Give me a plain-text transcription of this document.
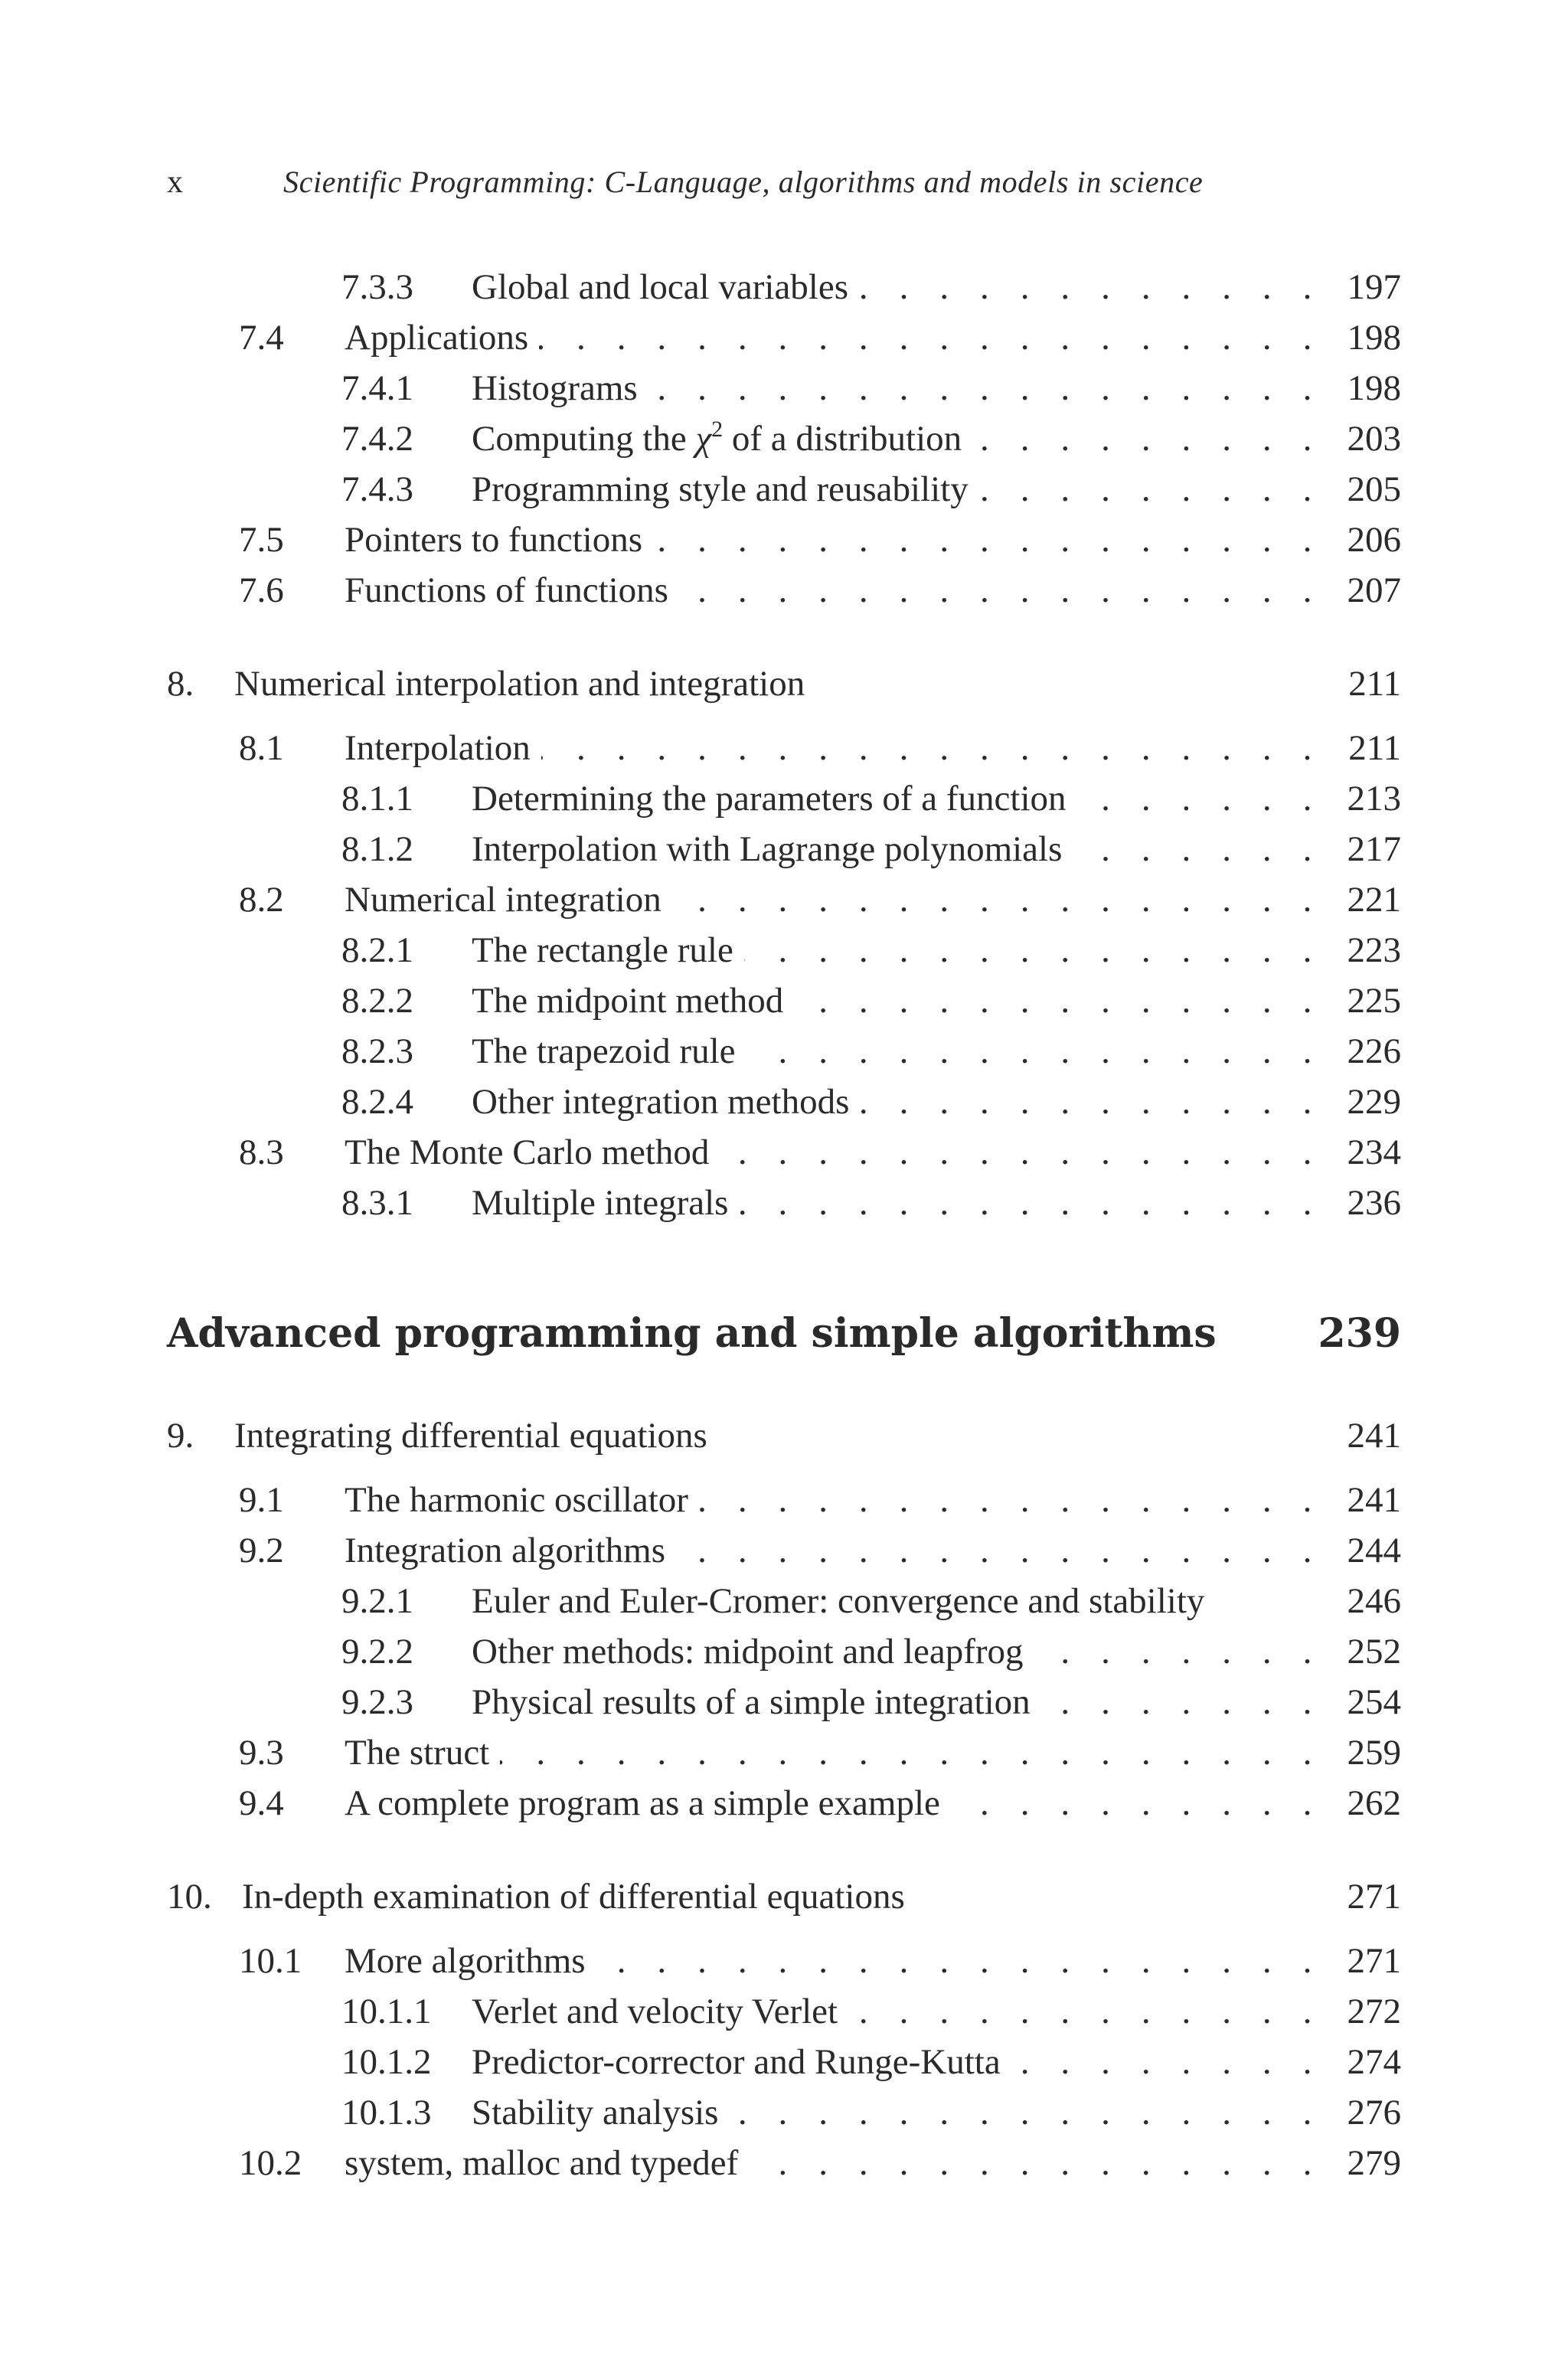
x	Scientific Programming: C-Language, algorithms and models in science
7.3.3 Global and local variables . . .	197
7.4 Applications . . .	198
7.4.1 Histograms . . .	198
7.4.2 Computing the $\chi^2$ of a distribution . . .	203
7.4.3 Programming style and reusability . . .	205
7.5 Pointers to functions . . .	206
7.6 Functions of functions . . .	207
8. Numerical interpolation and integration	211
8.1 Interpolation . . .	211
8.1.1 Determining the parameters of a function . . .	213
8.1.2 Interpolation with Lagrange polynomials . . .	217
8.2 Numerical integration . . .	221
8.2.1 The rectangle rule . . .	223
8.2.2 The midpoint method . . .	225
8.2.3 The trapezoid rule . . .	226
8.2.4 Other integration methods . . .	229
8.3 The Monte Carlo method . . .	234
8.3.1 Multiple integrals . . .	236
Advanced programming and simple algorithms	239
9. Integrating differential equations	241
9.1 The harmonic oscillator . . .	241
9.2 Integration algorithms . . .	244
9.2.1 Euler and Euler-Cromer: convergence and stability	246
9.2.2 Other methods: midpoint and leapfrog . . .	252
9.2.3 Physical results of a simple integration . . .	254
9.3 The struct . . .	259
9.4 A complete program as a simple example . . .	262
10. In-depth examination of differential equations	271
10.1 More algorithms . . .	271
10.1.1 Verlet and velocity Verlet . . .	272
10.1.2 Predictor-corrector and Runge-Kutta . . .	274
10.1.3 Stability analysis . . .	276
10.2 system, malloc and typedef . . .	279
